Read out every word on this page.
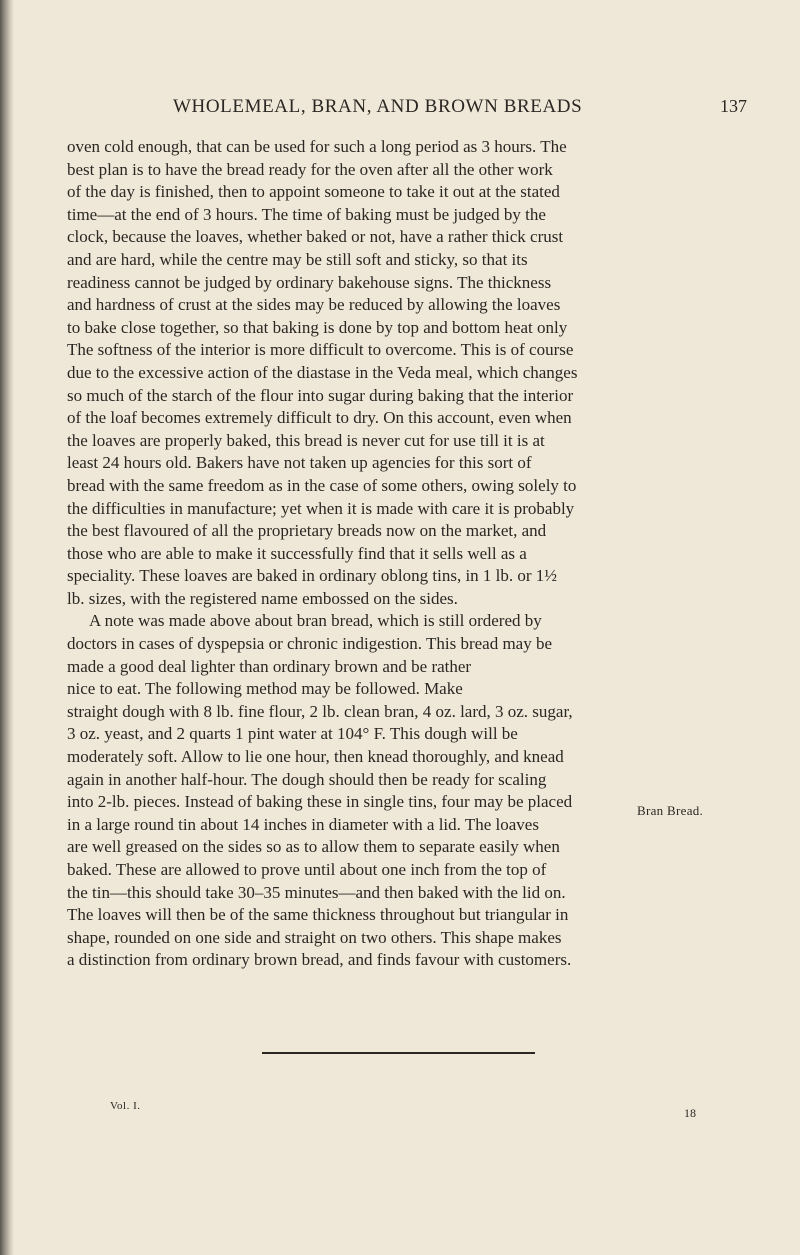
WHOLEMEAL, BRAN, AND BROWN BREADS	137
oven cold enough, that can be used for such a long period as 3 hours. The
best plan is to have the bread ready for the oven after all the other work
of the day is finished, then to appoint someone to take it out at the stated
time—at the end of 3 hours. The time of baking must be judged by the
clock, because the loaves, whether baked or not, have a rather thick crust
and are hard, while the centre may be still soft and sticky, so that its
readiness cannot be judged by ordinary bakehouse signs. The thickness
and hardness of crust at the sides may be reduced by allowing the loaves
to bake close together, so that baking is done by top and bottom heat only
The softness of the interior is more difficult to overcome. This is of course
due to the excessive action of the diastase in the Veda meal, which changes
so much of the starch of the flour into sugar during baking that the interior
of the loaf becomes extremely difficult to dry. On this account, even when
the loaves are properly baked, this bread is never cut for use till it is at
least 24 hours old. Bakers have not taken up agencies for this sort of
bread with the same freedom as in the case of some others, owing solely to
the difficulties in manufacture; yet when it is made with care it is probably
the best flavoured of all the proprietary breads now on the market, and
those who are able to make it successfully find that it sells well as a
speciality. These loaves are baked in ordinary oblong tins, in 1 lb. or 1½
lb. sizes, with the registered name embossed on the sides.
A note was made above about bran bread, which is still ordered by
doctors in cases of dyspepsia or chronic indigestion. This bread may be
made a good deal lighter than ordinary brown and be rather
nice to eat. The following method may be followed. Make
straight dough with 8 lb. fine flour, 2 lb. clean bran, 4 oz. lard, 3 oz. sugar,
3 oz. yeast, and 2 quarts 1 pint water at 104° F. This dough will be
moderately soft. Allow to lie one hour, then knead thoroughly, and knead
again in another half-hour. The dough should then be ready for scaling
into 2-lb. pieces. Instead of baking these in single tins, four may be placed
in a large round tin about 14 inches in diameter with a lid. The loaves
are well greased on the sides so as to allow them to separate easily when
baked. These are allowed to prove until about one inch from the top of
the tin—this should take 30–35 minutes—and then baked with the lid on.
The loaves will then be of the same thickness throughout but triangular in
shape, rounded on one side and straight on two others. This shape makes
a distinction from ordinary brown bread, and finds favour with customers.
Bran Bread.
Vol. I.	18
